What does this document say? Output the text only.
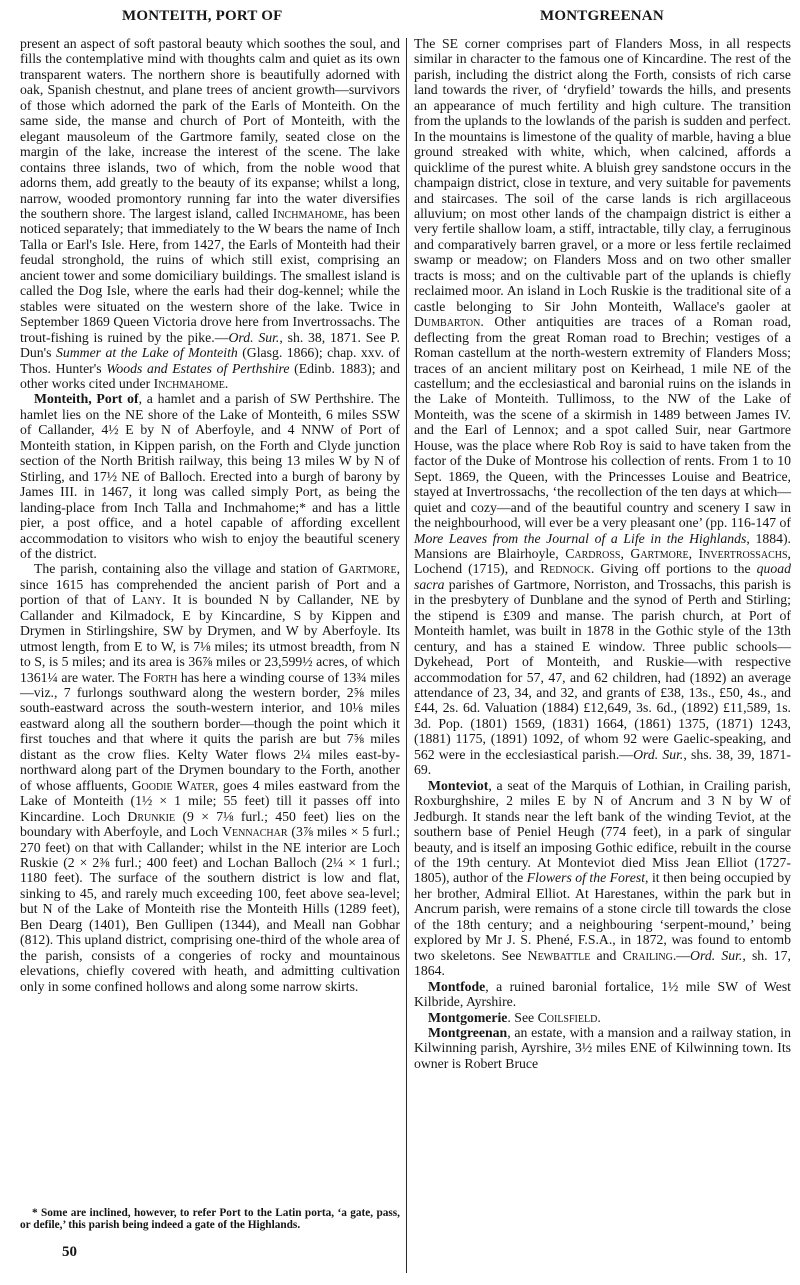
MONTEITH, PORT OF	MONTGREENAN

present an aspect of soft pastoral beauty which soothes the soul, and fills the contemplative mind with thoughts calm and quiet as its own transparent waters. The northern shore is beautifully adorned with oak, Spanish chestnut, and plane trees of ancient growth—survivors of those which adorned the park of the Earls of Monteith. On the same side, the manse and church of Port of Monteith, with the elegant mausoleum of the Gartmore family, seated close on the margin of the lake, increase the interest of the scene. The lake contains three islands, two of which, from the noble wood that adorns them, add greatly to the beauty of its expanse; whilst a long, narrow, wooded promontory running far into the water diversifies the southern shore. The largest island, called Inchmahome, has been noticed separately; that immediately to the W bears the name of Inch Talla or Earl's Isle. Here, from 1427, the Earls of Monteith had their feudal stronghold, the ruins of which still exist, comprising an ancient tower and some domiciliary buildings. The smallest island is called the Dog Isle, where the earls had their dog-kennel; while the stables were situated on the western shore of the lake. Twice in September 1869 Queen Victoria drove here from Invertrossachs. The trout-fishing is ruined by the pike.—Ord. Sur., sh. 38, 1871. See P. Dun's Summer at the Lake of Monteith (Glasg. 1866); chap. xxv. of Thos. Hunter's Woods and Estates of Perthshire (Edinb. 1883); and other works cited under Inchmahome.

Monteith, Port of, a hamlet and a parish of SW Perthshire. The hamlet lies on the NE shore of the Lake of Monteith, 6 miles SSW of Callander, 4½ E by N of Aberfoyle, and 4 NNW of Port of Monteith station, in Kippen parish, on the Forth and Clyde junction section of the North British railway, this being 13 miles W by N of Stirling, and 17½ NE of Balloch. Erected into a burgh of barony by James III. in 1467, it long was called simply Port, as being the landing-place from Inch Talla and Inchmahome;* and has a little pier, a post office, and a hotel capable of affording excellent accommodation to visitors who wish to enjoy the beautiful scenery of the district.

The parish, containing also the village and station of Gartmore, since 1615 has comprehended the ancient parish of Port and a portion of that of Lany. It is bounded N by Callander, NE by Callander and Kilmadock, E by Kincardine, S by Kippen and Drymen in Stirlingshire, SW by Drymen, and W by Aberfoyle. Its utmost length, from E to W, is 7⅛ miles; its utmost breadth, from N to S, is 5 miles; and its area is 36⅞ miles or 23,599½ acres, of which 1361¼ are water. The Forth has here a winding course of 13¾ miles—viz., 7 furlongs southward along the western border, 2⅝ miles south-eastward across the south-western interior, and 10⅛ miles eastward along all the southern border—though the point which it first touches and that where it quits the parish are but 7⅝ miles distant as the crow flies. Kelty Water flows 2¼ miles east-by-northward along part of the Drymen boundary to the Forth, another of whose affluents, Goodie Water, goes 4 miles eastward from the Lake of Monteith (1½ × 1 mile; 55 feet) till it passes off into Kincardine. Loch Drunkie (9 × 7⅛ furl.; 450 feet) lies on the boundary with Aberfoyle, and Loch Vennachar (3⅞ miles × 5 furl.; 270 feet) on that with Callander; whilst in the NE interior are Loch Ruskie (2 × 2⅜ furl.; 400 feet) and Lochan Balloch (2¼ × 1 furl.; 1180 feet). The surface of the southern district is low and flat, sinking to 45, and rarely much exceeding 100, feet above sea-level; but N of the Lake of Monteith rise the Monteith Hills (1289 feet), Ben Dearg (1401), Ben Gullipen (1344), and Meall nan Gobhar (812). This upland district, comprising one-third of the whole area of the parish, consists of a congeries of rocky and mountainous elevations, chiefly covered with heath, and admitting cultivation only in some confined hollows and along some narrow skirts.

The SE corner comprises part of Flanders Moss, in all respects similar in character to the famous one of Kincardine. The rest of the parish, including the district along the Forth, consists of rich carse land towards the river, of ‘dryfield’ towards the hills, and presents an appearance of much fertility and high culture. The transition from the uplands to the lowlands of the parish is sudden and perfect. In the mountains is limestone of the quality of marble, having a blue ground streaked with white, which, when calcined, affords a quicklime of the purest white. A bluish grey sandstone occurs in the champaign district, close in texture, and very suitable for pavements and staircases. The soil of the carse lands is rich argillaceous alluvium; on most other lands of the champaign district is either a very fertile shallow loam, a stiff, intractable, tilly clay, a ferruginous and comparatively barren gravel, or a more or less fertile reclaimed swamp or meadow; on Flanders Moss and on two other smaller tracts is moss; and on the cultivable part of the uplands is chiefly reclaimed moor. An island in Loch Ruskie is the traditional site of a castle belonging to Sir John Monteith, Wallace's gaoler at Dumbarton. Other antiquities are traces of a Roman road, deflecting from the great Roman road to Brechin; vestiges of a Roman castellum at the north-western extremity of Flanders Moss; traces of an ancient military post on Keirhead, 1 mile NE of the castellum; and the ecclesiastical and baronial ruins on the islands in the Lake of Monteith. Tullimoss, to the NW of the Lake of Monteith, was the scene of a skirmish in 1489 between James IV. and the Earl of Lennox; and a spot called Suir, near Gartmore House, was the place where Rob Roy is said to have taken from the factor of the Duke of Montrose his collection of rents. From 1 to 10 Sept. 1869, the Queen, with the Princesses Louise and Beatrice, stayed at Invertrossachs, ‘the recollection of the ten days at which—quiet and cozy—and of the beautiful country and scenery I saw in the neighbourhood, will ever be a very pleasant one’ (pp. 116-147 of More Leaves from the Journal of a Life in the Highlands, 1884). Mansions are Blairhoyle, Cardross, Gartmore, Invertrossachs, Lochend (1715), and Rednock. Giving off portions to the quoad sacra parishes of Gartmore, Norriston, and Trossachs, this parish is in the presbytery of Dunblane and the synod of Perth and Stirling; the stipend is £309 and manse. The parish church, at Port of Monteith hamlet, was built in 1878 in the Gothic style of the 13th century, and has a stained E window. Three public schools—Dykehead, Port of Monteith, and Ruskie—with respective accommodation for 57, 47, and 62 children, had (1892) an average attendance of 23, 34, and 32, and grants of £38, 13s., £50, 4s., and £44, 2s. 6d. Valuation (1884) £12,649, 3s. 6d., (1892) £11,589, 1s. 3d. Pop. (1801) 1569, (1831) 1664, (1861) 1375, (1871) 1243, (1881) 1175, (1891) 1092, of whom 92 were Gaelic-speaking, and 562 were in the ecclesiastical parish.—Ord. Sur., shs. 38, 39, 1871-69.

Monteviot, a seat of the Marquis of Lothian, in Crailing parish, Roxburghshire, 2 miles E by N of Ancrum and 3 N by W of Jedburgh. It stands near the left bank of the winding Teviot, at the southern base of Peniel Heugh (774 feet), in a park of singular beauty, and is itself an imposing Gothic edifice, rebuilt in the course of the 19th century. At Monteviot died Miss Jean Elliot (1727-1805), author of the Flowers of the Forest, it then being occupied by her brother, Admiral Elliot. At Harestanes, within the park but in Ancrum parish, were remains of a stone circle till towards the close of the 18th century; and a neighbouring ‘serpent-mound,’ being explored by Mr J. S. Phené, F.S.A., in 1872, was found to entomb two skeletons. See Newbattle and Crailing.—Ord. Sur., sh. 17, 1864.

Montfode, a ruined baronial fortalice, 1½ mile SW of West Kilbride, Ayrshire.

Montgomerie. See Coilsfield.

Montgreenan, an estate, with a mansion and a railway station, in Kilwinning parish, Ayrshire, 3½ miles ENE of Kilwinning town. Its owner is Robert Bruce

* Some are inclined, however, to refer Port to the Latin porta, ‘a gate, pass, or defile,’ this parish being indeed a gate of the Highlands.
50
